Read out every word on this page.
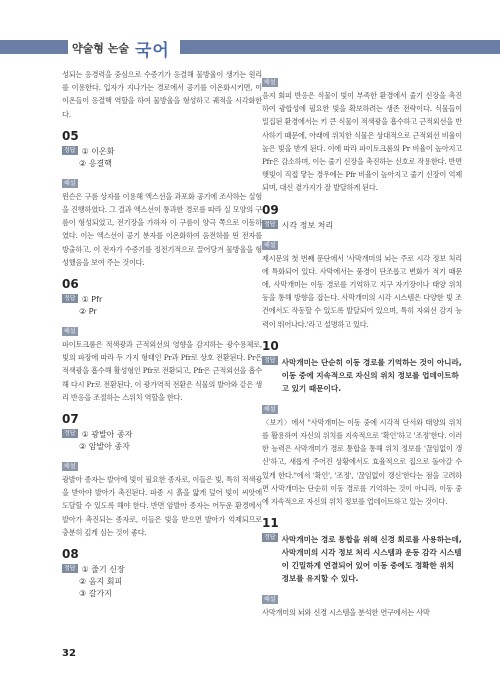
약술형 논술 국어

성되는 응경력을 중심으로 수증기가 응결해 물방울이 생기는 원리를 이용한다. 입자가 지나가는 경로에서 공기를 이온화시키면, 이 이온들이 응결핵 역할을 하여 물방울을 형성하고 궤적을 시각화한다.

05
정답 ① 이온화
② 응결핵
해설

윈슨은 구름 상자를 이용해 엑스선을 과포화 공기에 조사하는 실험을 진행하였다. 그 결과 엑스선이 통과한 경로를 따라 실 모양의 구름이 형성되었고, 전기장을 가하자 이 구름이 양극 쪽으로 이동하였다. 이는 엑스선이 공기 분자를 이온화하여 음전하를 띤 전자를 방출하고, 이 전자가 수증기를 정전기적으로 끌어당겨 물방울을 형성했음을 보여 주는 것이다.

06
정답 ① Pfr
② Pr
해설

파이토크롬은 적색광과 근적외선의 영향을 감지하는 광수용체로, 빛의 파장에 따라 두 가지 형태인 Pr과 Pfr로 상호 전환된다. Pr은 적색광을 흡수해 활성형인 Pfr로 전환되고, Pfr은 근적외선을 흡수해 다시 Pr로 전환된다. 이 광가역적 전환은 식물의 발아와 같은 생리 반응을 조절하는 스위치 역할을 한다.

07
정답 ① 광발아 종자
② 암발아 종자
해설

광발아 종자는 발아에 빛이 필요한 종자로, 이들은 빛, 특히 적색광을 받아야 발아가 촉진된다. 파종 시 흙을 얇게 덮어 빛이 씨앗에 도달할 수 있도록 해야 한다. 반면 암발아 종자는 어두운 환경에서 발아가 촉진되는 종자로, 이들은 빛을 받으면 발아가 억제되므로 충분히 깊게 심는 것이 좋다.

08
정답 ① 줄기 신장
② 음지 회피
③ 갈가지
해설

음지 회피 반응은 식물이 빛이 부족한 환경에서 줄기 신장을 촉진하여 광합성에 필요한 빛을 확보하려는 생존 전략이다. 식물들이 밀집된 환경에서는 키 큰 식물이 적색광을 흡수하고 근적외선을 반사하기 때문에, 아래에 위치한 식물은 상대적으로 근적외선 비율이 높은 빛을 받게 된다. 이에 따라 파이토크롬의 Pr 비율이 높아지고 Pfr은 감소하며, 이는 줄기 신장을 촉진하는 신호로 작용한다. 반면 햇빛이 직접 닿는 경우에는 Pfr 비율이 높아지고 줄기 신장이 억제되며, 대신 곁가지가 잘 발달하게 된다.

09
정답 시각 정보 처리
해설

제시문의 첫 번째 문단에서 '사막개미의 뇌는 주로 시각 정보 처리에 특화되어 있다. 사막에서는 풍경이 단조롭고 변화가 적기 때문에, 사막개미는 이동 경로를 기억하고 지구 자기장이나 태양 위치 등을 통해 방향을 잡는다. 사막개미의 시각 시스템은 다양한 빛 조건에서도 작동할 수 있도록 발달되어 있으며, 특히 자외선 감지 능력이 뛰어나다.'라고 설명하고 있다.

10
정답 사막개미는 단순히 이동 경로를 기억하는 것이 아니라, 이동 중에 지속적으로 자신의 위치 정보를 업데이트하고 있기 때문이다.
해설

〈보기〉에서 "사막개미는 이동 중에 시각적 단서와 태양의 위치를 활용하여 자신의 위치를 지속적으로 '확인'하고 '조정'한다. 이러한 능력은 사막개미가 경로 통합을 통해 위치 정보를 '끊임없이 갱신'하고, 새롭게 주어진 상황에서도 효율적으로 집으로 돌아갈 수 있게 한다."에서 '확인', '조정', '끊임없이 갱신'한다는 점을 고려하면 사막개미는 단순히 이동 경로를 기억하는 것이 아니라, 이동 중에 지속적으로 자신의 위치 정보를 업데이트하고 있는 것이다.

11
정답 사막개미는 경로 통합을 위해 신경 회로를 사용하는데, 사막개미의 시각 정보 처리 시스템과 운동 감각 시스템이 긴밀하게 연결되어 있어 이동 중에도 정확한 위치 정보를 유지할 수 있다.
해설

사막개미의 뇌와 신경 시스템을 분석한 연구에서는 사막

32
